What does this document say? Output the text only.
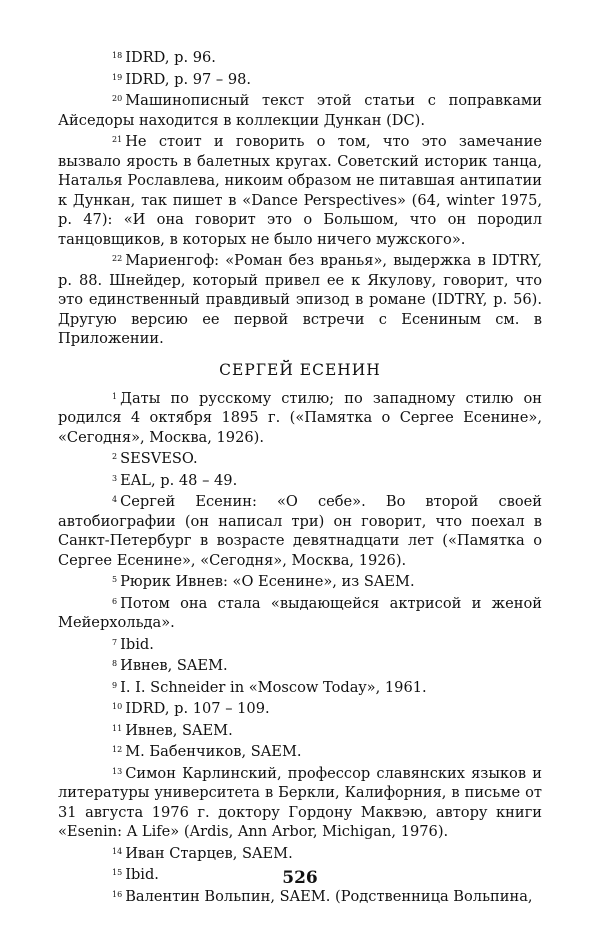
$^{18}$ IDRD, p. 96.

$^{19}$ IDRD, p. 97 – 98.

$^{20}$ Машинописный текст этой статьи с поправками Айседоры находится в коллекции Дункан (DC).

$^{21}$ Не стоит и говорить о том, что это замечание вызвало ярость в балетных кругах. Советский историк танца, Наталья Рославлева, никоим образом не питавшая антипатии к Дункан, так пишет в «Dance Perspectives» (64, winter 1975, p. 47): «И она говорит это о Большом, что он породил танцовщиков, в которых не было ничего мужского».

$^{22}$ Мариенгоф: «Роман без вранья», выдержка в IDTRY, p. 88. Шнейдер, который привел ее к Якулову, говорит, что это единственный правдивый эпизод в романе (IDTRY, p. 56). Другую версию ее первой встречи с Есениным см. в Приложении.

СЕРГЕЙ ЕСЕНИН

$^1$ Даты по русскому стилю; по западному стилю он родился 4 октября 1895 г. («Памятка о Сергее Есенине», «Сегодня», Москва, 1926).

$^2$ SESVESO.

$^3$ EAL, p. 48 – 49.

$^4$ Сергей Есенин: «О себе». Во второй своей автобиографии (он написал три) он говорит, что поехал в Санкт-Петербург в возрасте девятнадцати лет («Памятка о Сергее Есенине», «Сегодня», Москва, 1926).

$^5$ Рюрик Ивнев: «О Есенине», из SAEM.

$^6$ Потом она стала «выдающейся актрисой и женой Мейерхольда».

$^7$ Ibid.

$^8$ Ивнев, SAEM.

$^9$ I. I. Schneider in «Moscow Today», 1961.

$^{10}$ IDRD, p. 107 – 109.

$^{11}$ Ивнев, SAEM.

$^{12}$ М. Бабенчиков, SAEM.

$^{13}$ Симон Карлинский, профессор славянских языков и литературы университета в Беркли, Калифорния, в письме от 31 августа 1976 г. доктору Гордону Маквэю, автору книги «Esenin: A Life» (Ardis, Ann Arbor, Michigan, 1976).

$^{14}$ Иван Старцев, SAEM.

$^{15}$ Ibid.

$^{16}$ Валентин Вольпин, SAEM. (Родственница Вольпина,

526
